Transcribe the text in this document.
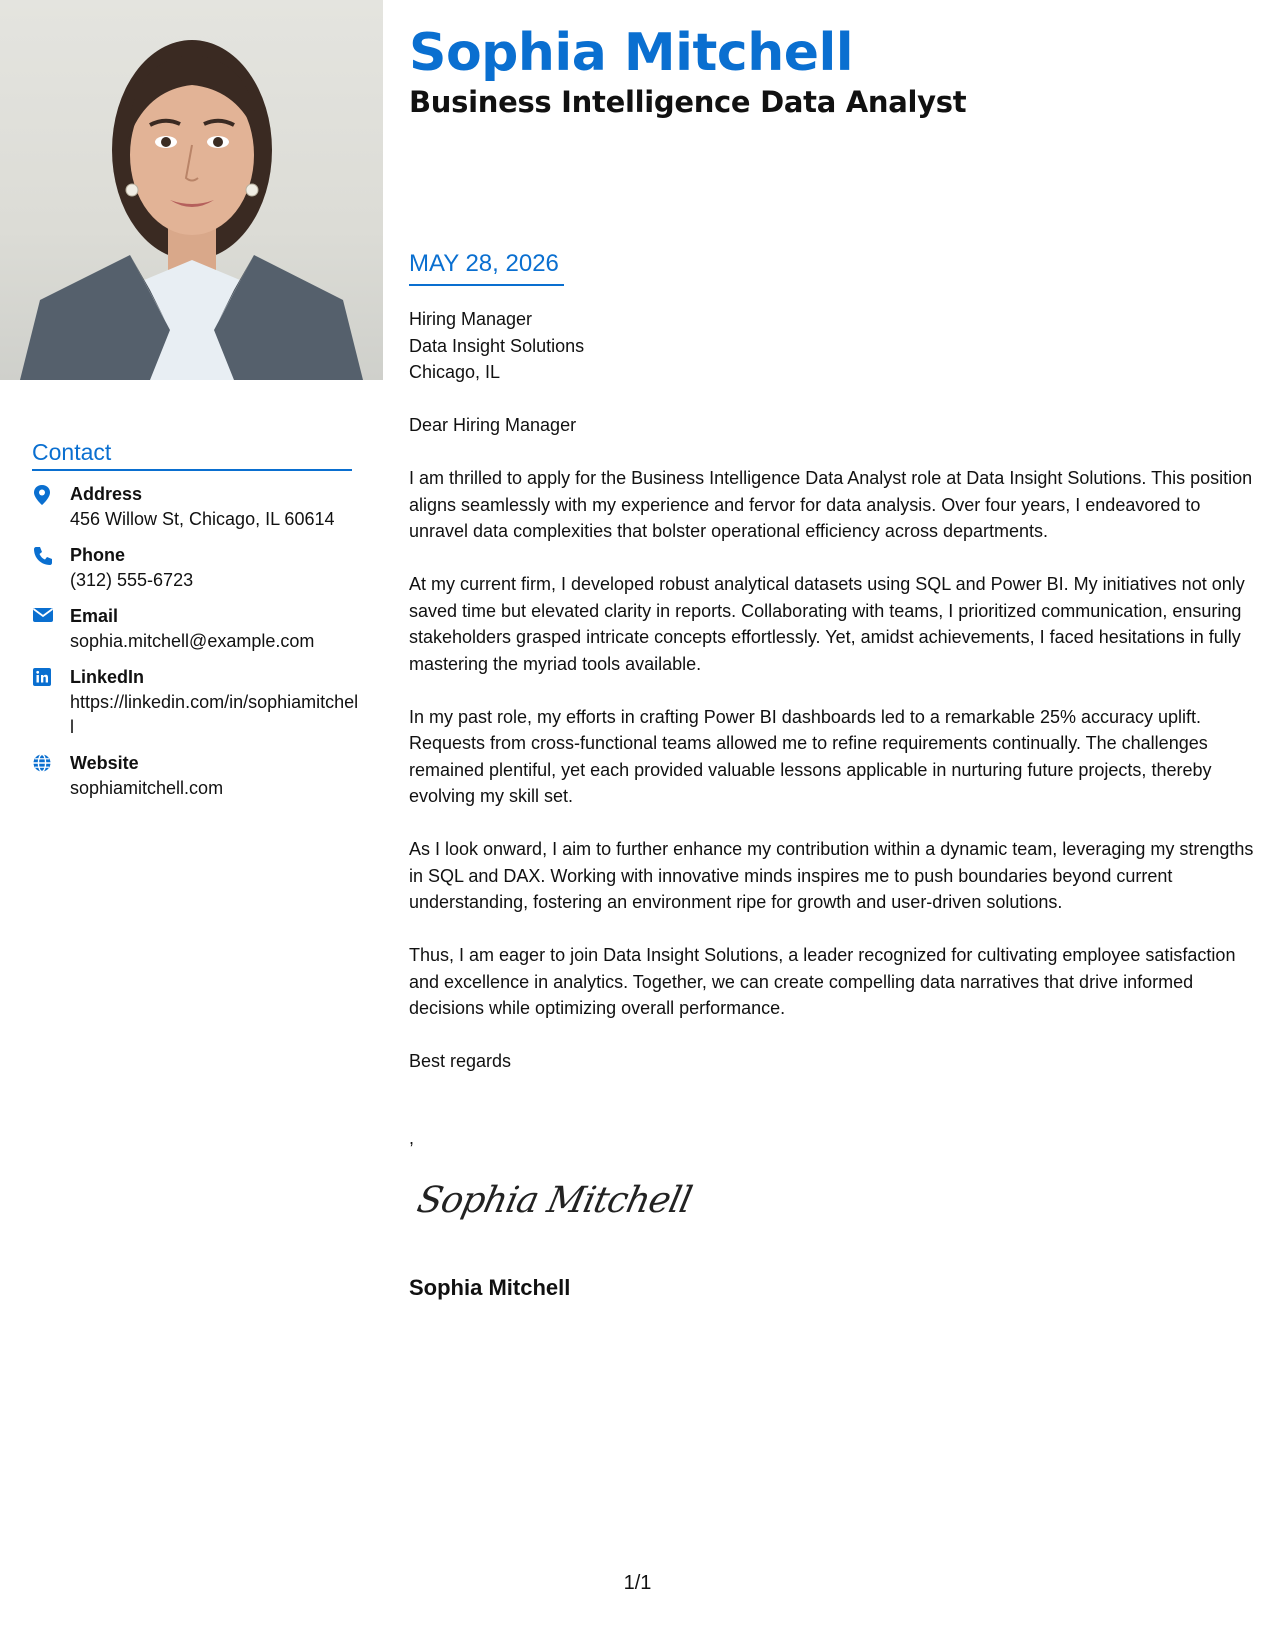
Sophia Mitchell
Business Intelligence Data Analyst
MAY 28, 2026
Contact
Address
456 Willow St, Chicago, IL 60614
Phone
(312) 555-6723
Email
sophia.mitchell@example.com
LinkedIn
https://linkedin.com/in/sophiamitchell
Website
sophiamitchell.com

Hiring Manager

Data Insight Solutions

Chicago, IL

Dear Hiring Manager

I am thrilled to apply for the Business Intelligence Data Analyst role at Data Insight Solutions. This position aligns seamlessly with my experience and fervor for data analysis. Over four years, I endeavored to unravel data complexities that bolster operational efficiency across departments.

At my current firm, I developed robust analytical datasets using SQL and Power BI. My initiatives not only saved time but elevated clarity in reports. Collaborating with teams, I prioritized communication, ensuring stakeholders grasped intricate concepts effortlessly. Yet, amidst achievements, I faced hesitations in fully mastering the myriad tools available.

In my past role, my efforts in crafting Power BI dashboards led to a remarkable 25% accuracy uplift. Requests from cross-functional teams allowed me to refine requirements continually. The challenges remained plentiful, yet each provided valuable lessons applicable in nurturing future projects, thereby evolving my skill set.

As I look onward, I aim to further enhance my contribution within a dynamic team, leveraging my strengths in SQL and DAX. Working with innovative minds inspires me to push boundaries beyond current understanding, fostering an environment ripe for growth and user-driven solutions.

Thus, I am eager to join Data Insight Solutions, a leader recognized for cultivating employee satisfaction and excellence in analytics. Together, we can create compelling data narratives that drive informed decisions while optimizing overall performance.

Best regards

,

Sophia Mitchell
Sophia Mitchell
1/1
